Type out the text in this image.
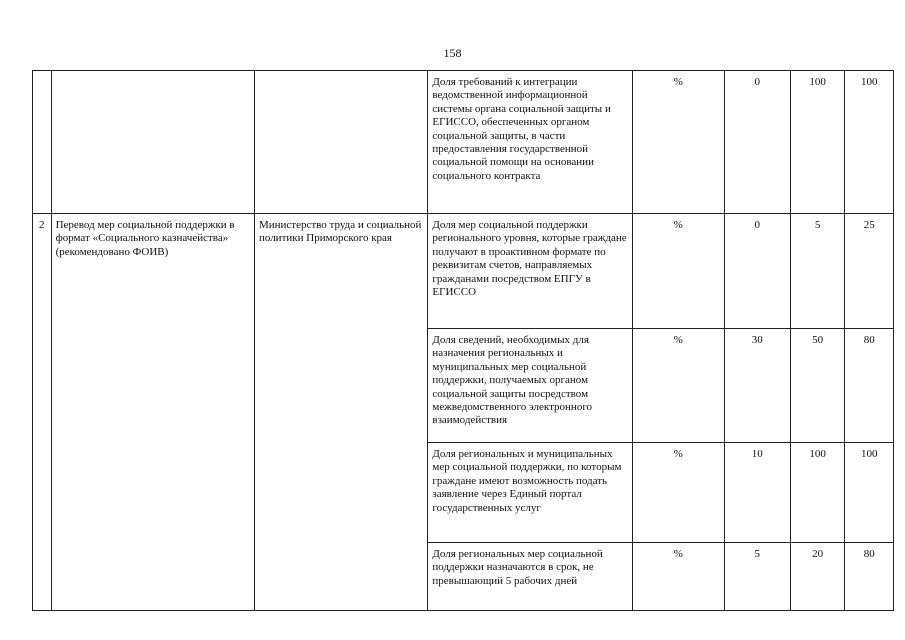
158
			Доля требований к интеграции ведомственной информационной системы органа социальной защиты и ЕГИССО, обеспеченных органом социальной защиты, в части предоставления государственной социальной помощи на основании социального контракта	%	0	100	100
2	Перевод мер социальной поддержки в формат «Социального казначейства» (рекомендовано ФОИВ)	Министерство труда и социальной политики Приморского края	Доля мер социальной поддержки регионального уровня, которые граждане получают в проактивном формате по реквизитам счетов, направляемых гражданами посредством ЕПГУ в ЕГИССО	%	0	5	25
			Доля сведений, необходимых для назначения региональных и муниципальных мер социальной поддержки, получаемых органом социальной защиты посредством межведомственного электронного взаимодействия	%	30	50	80
			Доля региональных и муниципальных мер социальной поддержки, по которым граждане имеют возможность подать заявление через Единый портал государственных услуг	%	10	100	100
			Доля региональных мер социальной поддержки назначаются в срок, не превышающий 5 рабочих дней	%	5	20	80
